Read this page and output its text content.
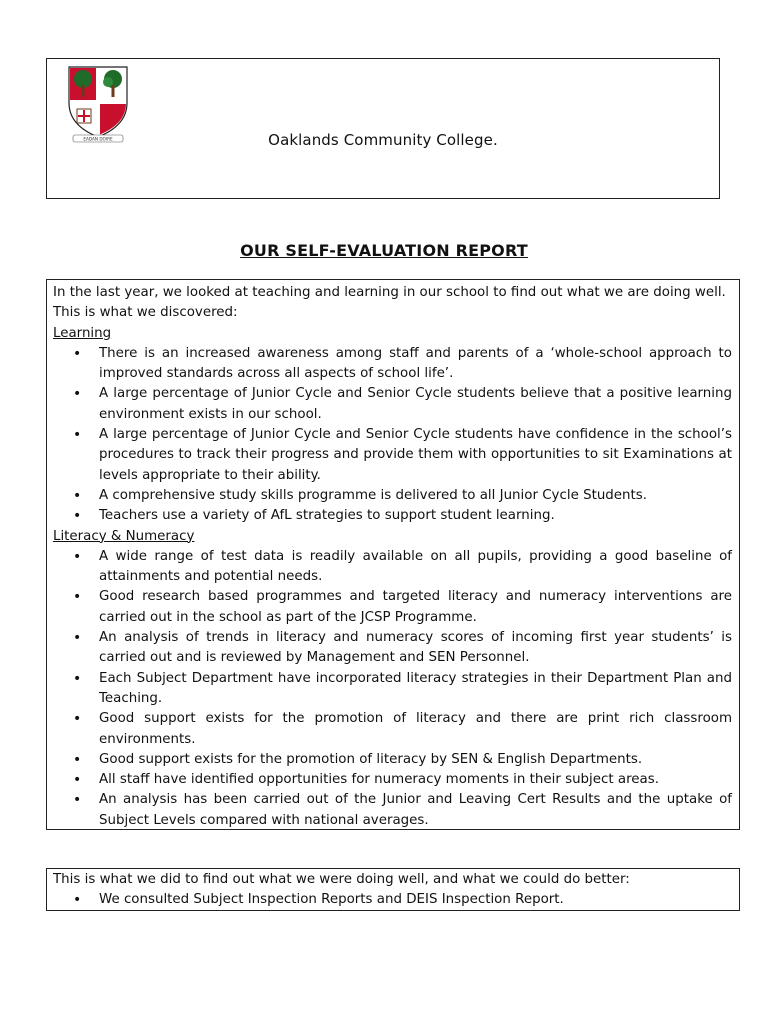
EADAN DOIRE	Oaklands Community College.
OUR SELF-EVALUATION REPORT

In the last year, we looked at teaching and learning in our school to find out what we are doing well. This is what we discovered:

Learning

• There is an increased awareness among staff and parents of a ‘whole-school approach to improved standards across all aspects of school life’.
• A large percentage of Junior Cycle and Senior Cycle students believe that a positive learning environment exists in our school.
• A large percentage of Junior Cycle and Senior Cycle students have confidence in the school’s procedures to track their progress and provide them with opportunities to sit Examinations at levels appropriate to their ability.
• A comprehensive study skills programme is delivered to all Junior Cycle Students.
• Teachers use a variety of AfL strategies to support student learning.

Literacy & Numeracy

• A wide range of test data is readily available on all pupils, providing a good baseline of attainments and potential needs.
• Good research based programmes and targeted literacy and numeracy interventions are carried out in the school as part of the JCSP Programme.
• An analysis of trends in literacy and numeracy scores of incoming first year students’ is carried out and is reviewed by Management and SEN Personnel.
• Each Subject Department have incorporated literacy strategies in their Department Plan and Teaching.
• Good support exists for the promotion of literacy and there are print rich classroom environments.
• Good support exists for the promotion of literacy by SEN & English Departments.
• All staff have identified opportunities for numeracy moments in their subject areas.
• An analysis has been carried out of the Junior and Leaving Cert Results and the uptake of Subject Levels compared with national averages.

This is what we did to find out what we were doing well, and what we could do better:

• We consulted Subject Inspection Reports and DEIS Inspection Report.
